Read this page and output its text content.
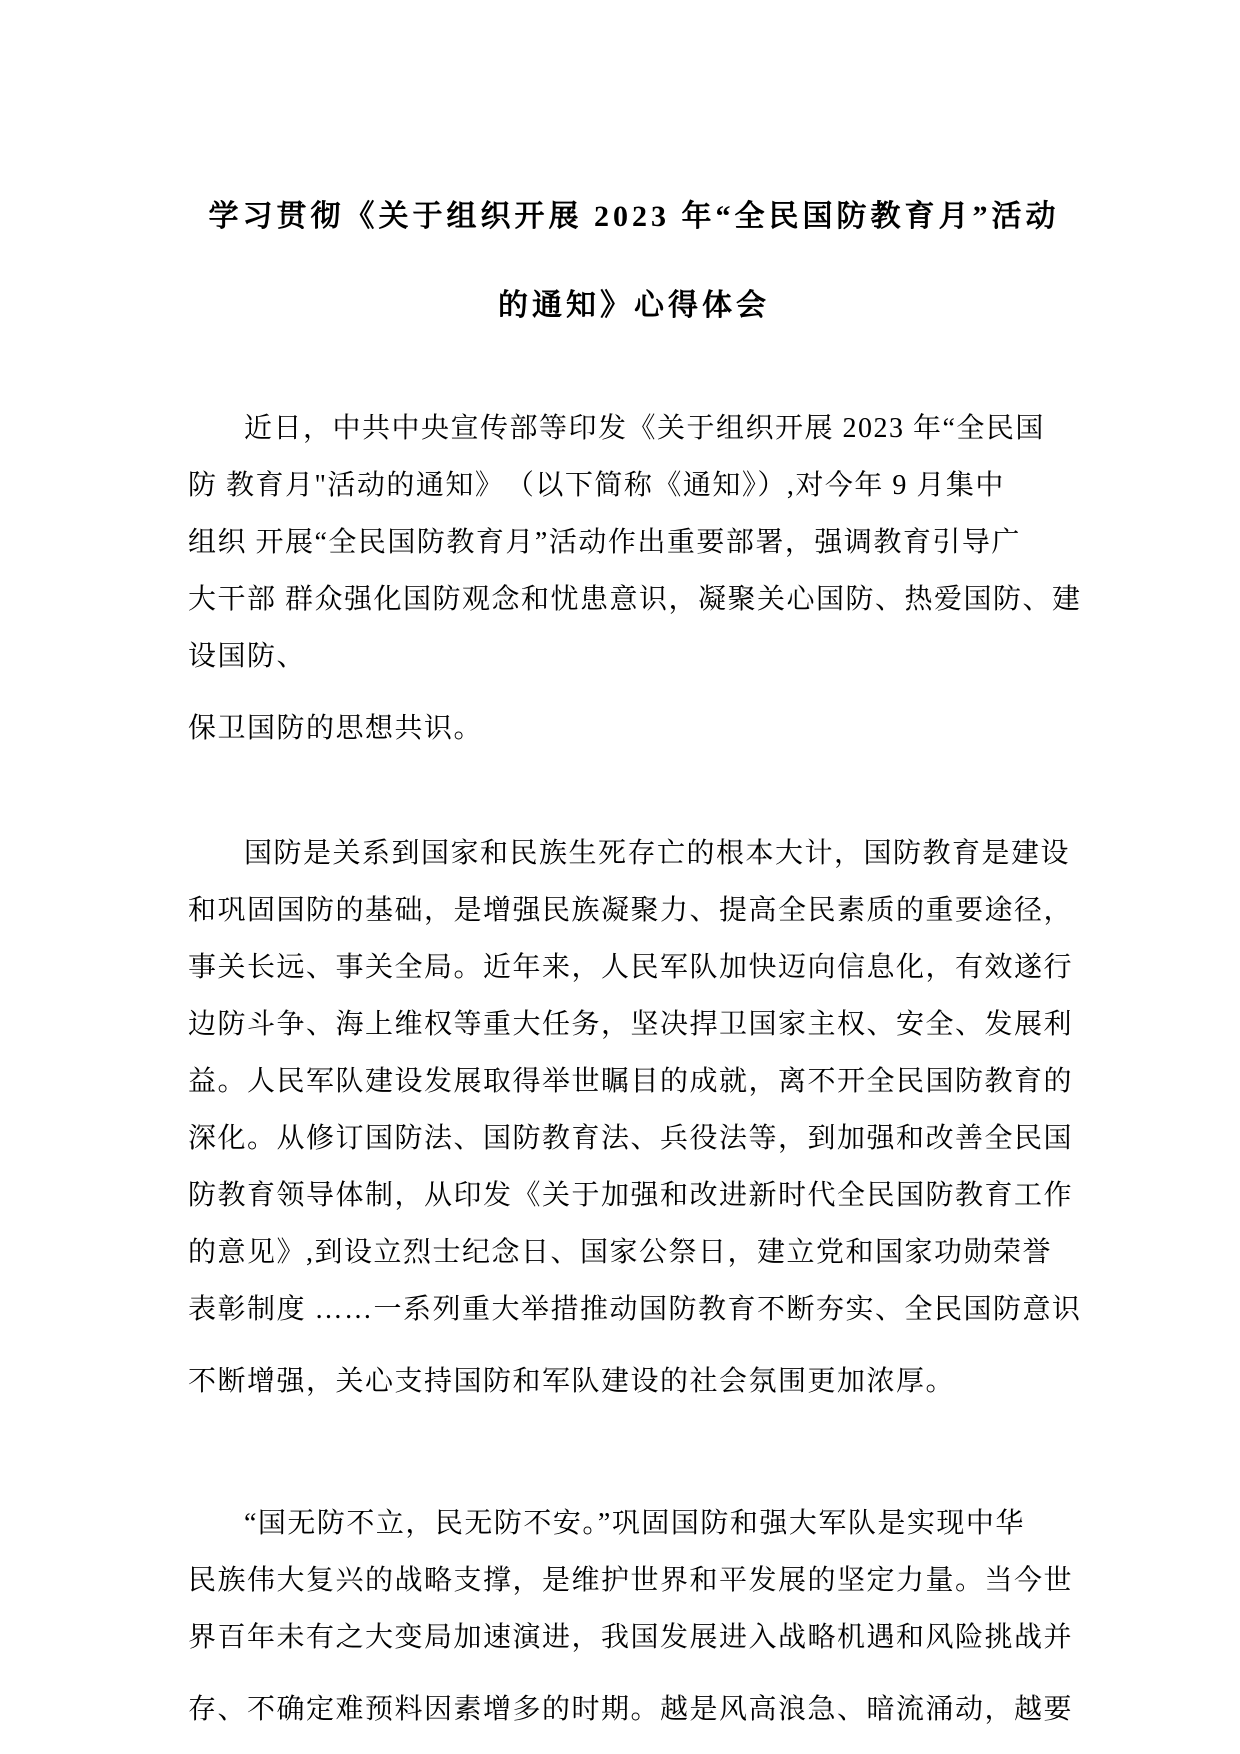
学习贯彻《关于组织开展 2023 年“全民国防教育月”活动
的通知》心得体会
近日，中共中央宣传部等印发《关于组织开展 2023 年“全民国
防 教育月"活动的通知》　（以下简称《通知》）,对今年 9 月集中
组织 开展“全民国防教育月”活动作出重要部署，强调教育引导广
大干部 群众强化国防观念和忧患意识，凝聚关心国防、热爱国防、建
设国防、
保卫国防的思想共识。
国防是关系到国家和民族生死存亡的根本大计，国防教育是建设
和巩固国防的基础，是增强民族凝聚力、提高全民素质的重要途径，
事关长远、事关全局。近年来，人民军队加快迈向信息化，有效遂行
边防斗争、海上维权等重大任务，坚决捍卫国家主权、安全、发展利
益。人民军队建设发展取得举世瞩目的成就，离不开全民国防教育的
深化。从修订国防法、国防教育法、兵役法等，到加强和改善全民国
防教育领导体制，从印发《关于加强和改进新时代全民国防教育工作
的意见》,到设立烈士纪念日、国家公祭日，建立党和国家功勋荣誉
表彰制度 ……一系列重大举措推动国防教育不断夯实、全民国防意识
不断增强，关心支持国防和军队建设的社会氛围更加浓厚。
“国无防不立，民无防不安。”巩固国防和强大军队是实现中华
民族伟大复兴的战略支撑，是维护世界和平发展的坚定力量。当今世
界百年未有之大变局加速演进，我国发展进入战略机遇和风险挑战并
存、不确定难预料因素增多的时期。越是风高浪急、暗流涌动，越要
